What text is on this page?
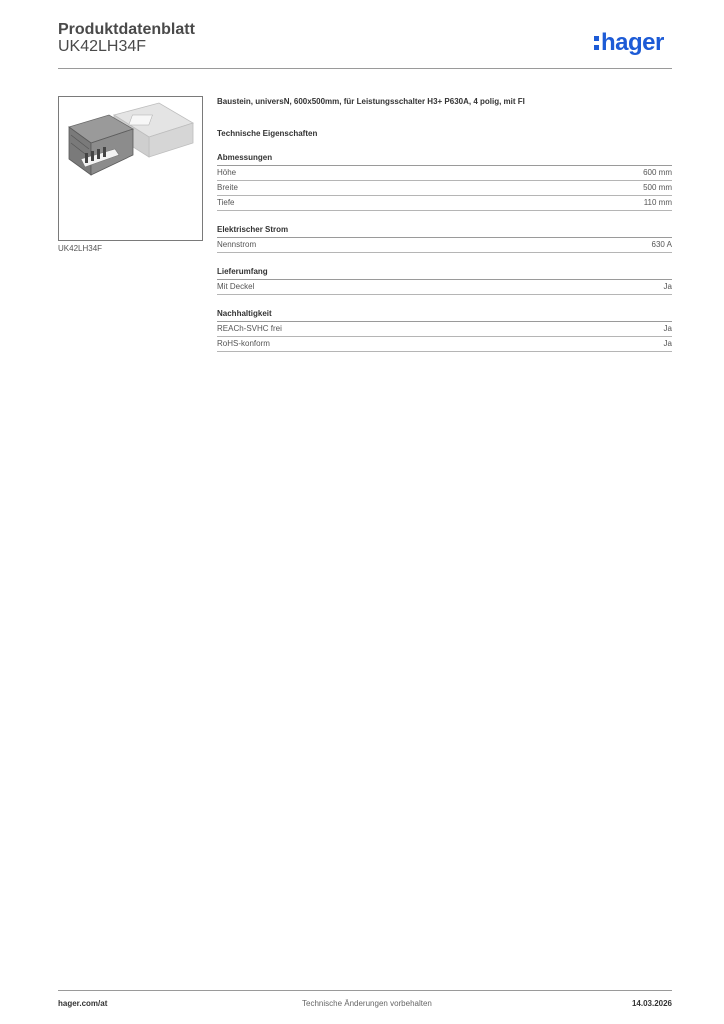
Produktdatenblatt
UK42LH34F	hager
UK42LH34F
Baustein, universN, 600x500mm, für Leistungsschalter H3+ P630A, 4 polig, mit FI
Technische Eigenschaften
Abmessungen
Höhe	600 mm
Breite	500 mm
Tiefe	110 mm
Elektrischer Strom
Nennstrom	630 A
Lieferumfang
Mit Deckel	Ja
Nachhaltigkeit
REACh-SVHC frei	Ja
RoHS-konform	Ja
hager.com/at	Technische Änderungen vorbehalten	14.03.2026
